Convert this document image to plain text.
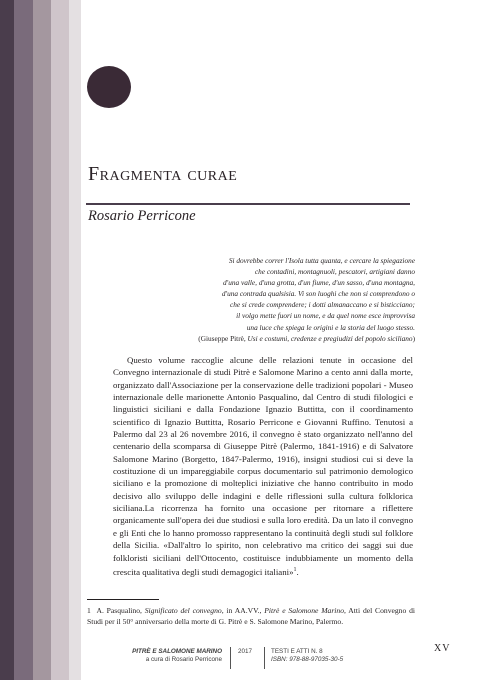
Fragmenta curae
Rosario Perricone
Si dovrebbe correr l'Isola tutta quanta, e cercare la spiegazione
che contadini, montagnuoli, pescatori, artigiani danno
d'una valle, d'una grotta, d'un fiume, d'un sasso, d'una montagna,
d'una contrada qualsisia. Vi son luoghi che non si comprendono o
che si crede comprendere; i dotti almanaccano e si bisticciano;
il volgo mette fuori un nome, e da quel nome esce improvvisa
una luce che spiega le origini e la storia del luogo stesso.
(Giuseppe Pitrè, Usi e costumi, credenze e pregiudizi del popolo siciliano)

Questo volume raccoglie alcune delle relazioni tenute in occasione del Convegno internazionale di studi Pitrè e Salomone Marino a cento anni dalla morte, organizzato dall'Associazione per la conservazione delle tradizioni popolari - Museo internazionale delle marionette Antonio Pasqualino, dal Centro di studi filologici e linguistici siciliani e dalla Fondazione Ignazio Buttitta, con il coordinamento scientifico di Ignazio Buttitta, Rosario Perricone e Giovanni Ruffino. Tenutosi a Palermo dal 23 al 26 novembre 2016, il convegno è stato organizzato nell'anno del centenario della scomparsa di Giuseppe Pitrè (Palermo, 1841-1916) e di Salvatore Salomone Marino (Borgetto, 1847-Palermo, 1916), insigni studiosi cui si deve la costituzione di un impareggiabile corpus documentario sul patrimonio demologico siciliano e la promozione di molteplici iniziative che hanno contribuito in modo decisivo allo sviluppo delle indagini e delle riflessioni sulla cultura folklorica siciliana.La ricorrenza ha fornito una occasione per ritornare a riflettere organicamente sull'opera dei due studiosi e sulla loro eredità. Da un lato il convegno e gli Enti che lo hanno promosso rappresentano la continuità degli studi sul folklore della Sicilia. «Dall'altro lo spirito, non celebrativo ma critico dei saggi sui due folkloristi siciliani dell'Ottocento, costituisce indubbiamente un momento della crescita qualitativa degli studi demagogici italiani»$^1$.

1 A. Pasqualino, Significato del convegno, in AA.VV., Pitrè e Salomone Marino, Atti del Convegno di Studi per il 50° anniversario della morte di G. Pitrè e S. Salomone Marino, Palermo.
PITRÈ E SALOMONE MARINO
a cura di Rosario Perricone
2017	TESTI E ATTI N. 8
ISBN: 978-88-97035-30-5
XV
